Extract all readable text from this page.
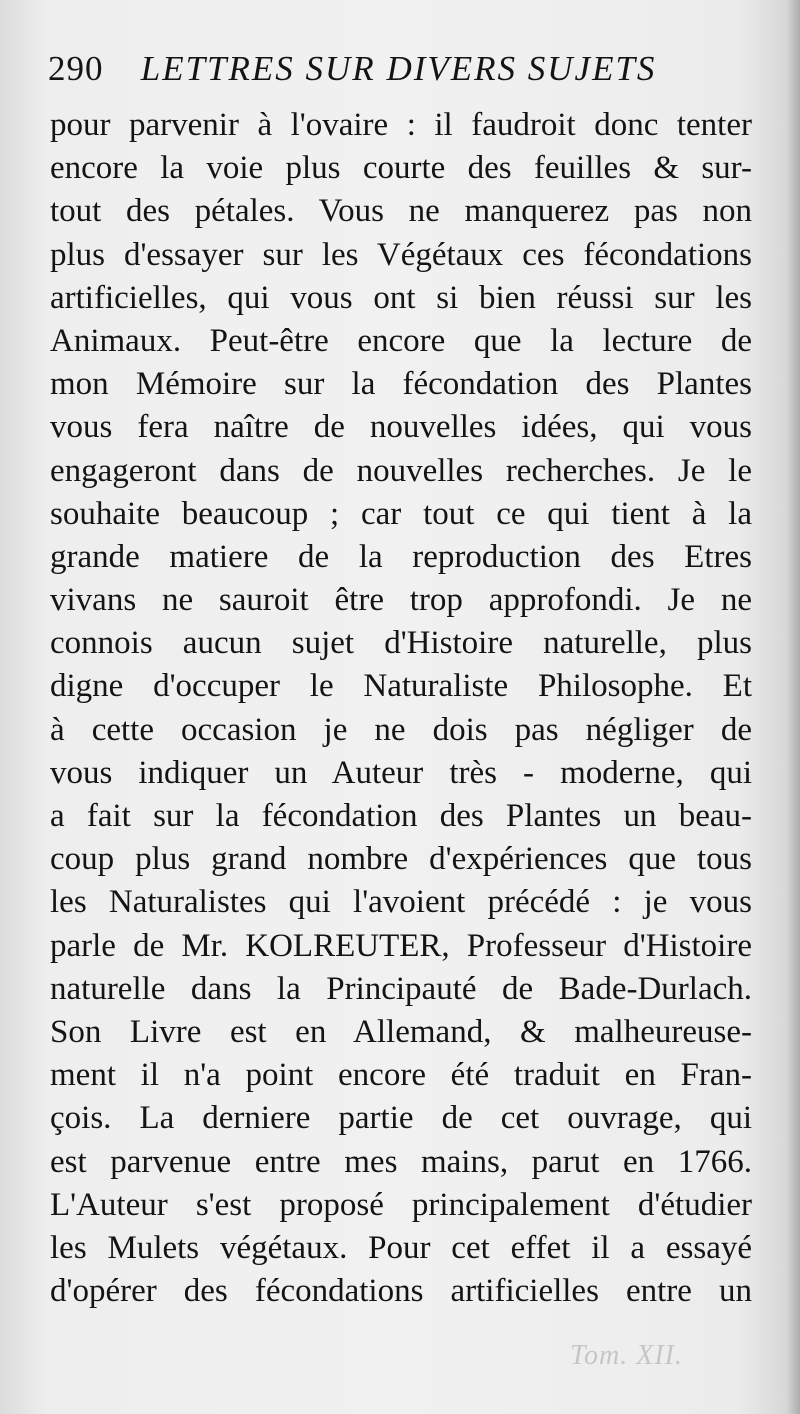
290 LETTRES SUR DIVERS SUJETS
pour parvenir à l'ovaire : il faudroit donc tenter
encore la voie plus courte des feuilles & sur-
tout des pétales. Vous ne manquerez pas non
plus d'essayer sur les Végétaux ces fécondations
artificielles, qui vous ont si bien réussi sur les
Animaux. Peut-être encore que la lecture de
mon Mémoire sur la fécondation des Plantes
vous fera naître de nouvelles idées, qui vous
engageront dans de nouvelles recherches. Je le
souhaite beaucoup ; car tout ce qui tient à la
grande matiere de la reproduction des Etres
vivans ne sauroit être trop approfondi. Je ne
connois aucun sujet d'Histoire naturelle, plus
digne d'occuper le Naturaliste Philosophe. Et
à cette occasion je ne dois pas négliger de
vous indiquer un Auteur très - moderne, qui
a fait sur la fécondation des Plantes un beau-
coup plus grand nombre d'expériences que tous
les Naturalistes qui l'avoient précédé : je vous
parle de Mr. KOLREUTER, Professeur d'Histoire
naturelle dans la Principauté de Bade-Durlach.
Son Livre est en Allemand, & malheureuse-
ment il n'a point encore été traduit en Fran-
çois. La derniere partie de cet ouvrage, qui
est parvenue entre mes mains, parut en 1766.
L'Auteur s'est proposé principalement d'étudier
les Mulets végétaux. Pour cet effet il a essayé
d'opérer des fécondations artificielles entre un
Tom. XII.
